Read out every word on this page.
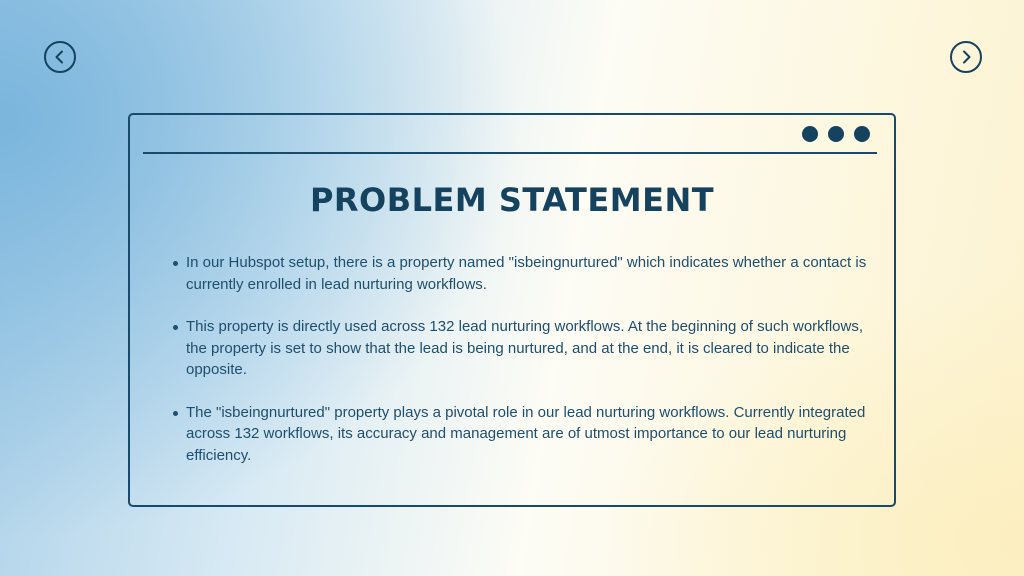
PROBLEM STATEMENT
In our Hubspot setup, there is a property named "isbeingnurtured" which indicates whether a contact is currently enrolled in lead nurturing workflows.
This property is directly used across 132 lead nurturing workflows. At the beginning of such workflows, the property is set to show that the lead is being nurtured, and at the end, it is cleared to indicate the opposite.
The "isbeingnurtured" property plays a pivotal role in our lead nurturing workflows. Currently integrated across 132 workflows, its accuracy and management are of utmost importance to our lead nurturing efficiency.
